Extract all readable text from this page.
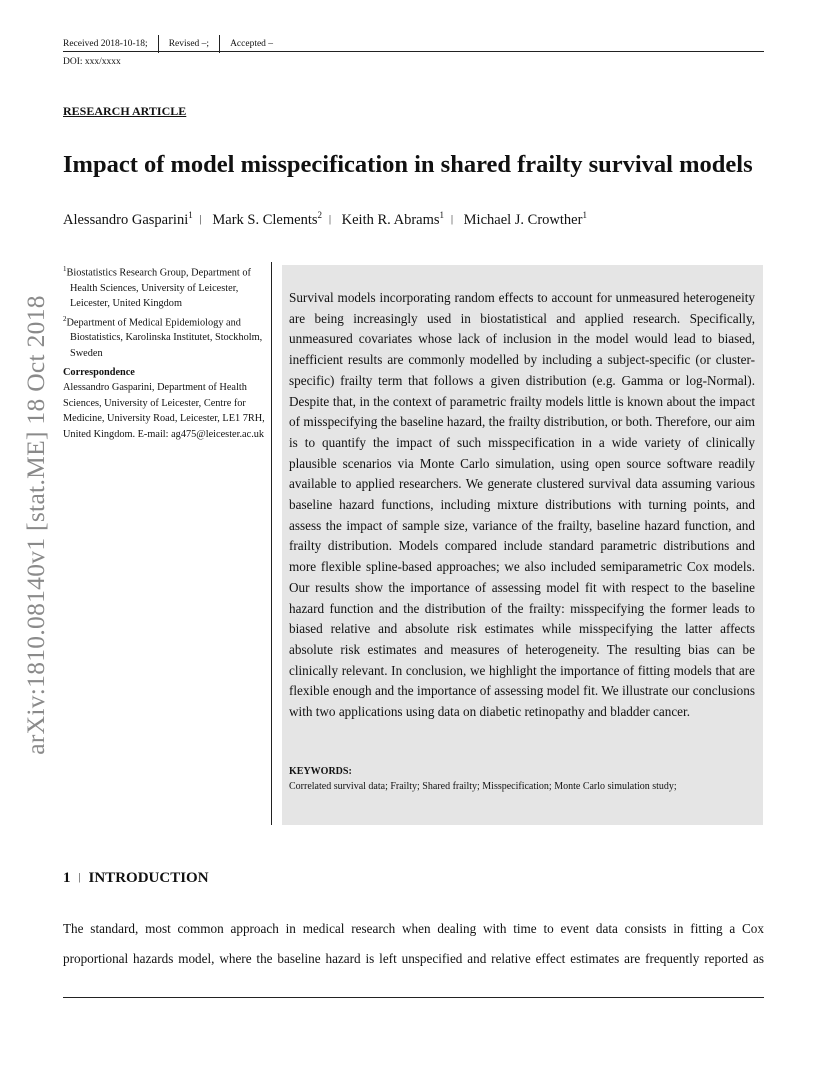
Received 2018-10-18;	Revised –;	Accepted –
DOI: xxx/xxxx
RESEARCH ARTICLE
Impact of model misspecification in shared frailty survival models
Alessandro Gasparini$^1$ | Mark S. Clements$^2$ | Keith R. Abrams$^1$ | Michael J. Crowther$^1$
arXiv:1810.08140v1 [stat.ME] 18 Oct 2018

$^1$Biostatistics Research Group, Department of Health Sciences, University of Leicester, Leicester, United Kingdom

$^2$Department of Medical Epidemiology and Biostatistics, Karolinska Institutet, Stockholm, Sweden

Correspondence
Alessandro Gasparini, Department of Health Sciences, University of Leicester, Centre for Medicine, University Road, Leicester, LE1 7RH, United Kingdom. E-mail: ag475@leicester.ac.uk
Survival models incorporating random effects to account for unmeasured heterogeneity are being increasingly used in biostatistical and applied research. Specifically, unmeasured covariates whose lack of inclusion in the model would lead to biased, inefficient results are commonly modelled by including a subject-specific (or cluster-specific) frailty term that follows a given distribution (e.g. Gamma or log-Normal). Despite that, in the context of parametric frailty models little is known about the impact of misspecifying the baseline hazard, the frailty distribution, or both. Therefore, our aim is to quantify the impact of such misspecification in a wide variety of clinically plausible scenarios via Monte Carlo simulation, using open source software readily available to applied researchers. We generate clustered survival data assuming various baseline hazard functions, including mixture distributions with turning points, and assess the impact of sample size, variance of the frailty, baseline hazard function, and frailty distribution. Models compared include standard parametric distributions and more flexible spline-based approaches; we also included semiparametric Cox models. Our results show the importance of assessing model fit with respect to the baseline hazard function and the distribution of the frailty: misspecifying the former leads to biased relative and absolute risk estimates while misspecifying the latter affects absolute risk estimates and measures of heterogeneity. The resulting bias can be clinically relevant. In conclusion, we highlight the importance of fitting models that are flexible enough and the importance of assessing model fit. We illustrate our conclusions with two applications using data on diabetic retinopathy and bladder cancer.
KEYWORDS:
Correlated survival data; Frailty; Shared frailty; Misspecification; Monte Carlo simulation study;
1 | INTRODUCTION
The standard, most common approach in medical research when dealing with time to event data consists in fitting a Cox proportional hazards model, where the baseline hazard is left unspecified and relative effect estimates are frequently reported as
